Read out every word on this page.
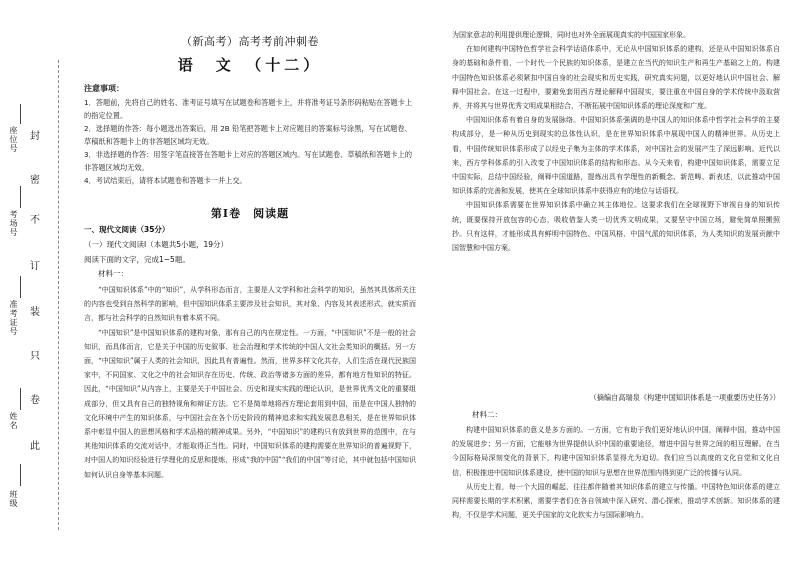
封
密
不
订
装
只
卷
此
座位号
考场号
准考证号
姓名
班级
（新高考）高考考前冲刺卷
语　文　（十二）
注意事项：
1．答题前，先将自己的姓名、准考证号填写在试题卷和答题卡上，并将准考证号条形码粘贴在答题卡上的指定位置。
2．选择题的作答：每小题选出答案后，用 2B 铅笔把答题卡上对应题目的答案标号涂黑，写在试题卷、草稿纸和答题卡上的非答题区域均无效。
3．非选择题的作答：用签字笔直接答在答题卡上对应的答题区域内。写在试题卷、草稿纸和答题卡上的非答题区域均无效。
4．考试结束后，请将本试题卷和答题卡一并上交。
第Ⅰ卷　阅读题
一、现代文阅读（35分）
（一）现代文阅读Ⅰ（本题共5小题，19分）
阅读下面的文字，完成1~5题。
材料一：

“中国知识体系”中的“知识”，从学科形态而言，主要是人文学科和社会科学的知识，虽然其具体所关注的内容也受到自然科学的影响，但中国知识体系主要涉及社会知识，其对象、内容及其表述形式，就实质而言，都与社会科学的自然知识有着本质不同。

“中国知识”是中国知识体系的建构对象，那有自己的内在规定性。一方面，“中国知识”不是一般的社会知识，而具体而言，它是关于中国的历史叙事、社会治理和学术传统的中国人文社会类知识的概括。另一方面，“中国知识”属于人类的社会知识，因此具有普遍性。然而，世界多样文化共存，人们生活在现代民族国家中，不同国家、文化之中的社会知识存在历史、传统、政治等诸多方面的差异，都有地方性知识的特征。因此，“中国知识”从内容上，主要是关于中国社会、历史和现实实践的理论认识，是世界优秀文化的重要组成部分，但又具有自己的独特视角和辩证方法。它不是简单地将西方理论套用到中国，而是在中国人独特的文化环境中产生的知识体系，与中国社会在各个历史阶段的精神追求和实践发展息息相关，是在世界知识体系中彰显中国人的思想风格和学术品格的精神成果。另外，“中国知识”的建构只有放到世界的范围中，在与其他知识体系的交流对话中，才能取得正当性。同时，中国知识体系的建构需要在世界知识的普遍视野下，对中国人的知识经验进行学理化的反思和提炼，形成“我的中国”“我们的中国”等讨论，其中就包括中国知识如何认识自身等基本问题。

为国家意志的利用提供理论逻辑，同时也对外全面展现真实的中国国家形象。

在如何建构中国特色哲学社会科学话语体系中，无论从中国知识体系的建构，还是从中国知识体系自身的基础和条件看，一个时代一个民族的知识体系，是建立在当代的知识生产和再生产基础之上的。构建中国特色知识体系必须紧扣中国自身的社会现实和历史实践，研究真实问题，以更好地认识中国社会、解释中国社会。在这一过程中，要避免套用西方理论解释中国现实，要注重在中国自身的学术传统中汲取营养，并将其与世界优秀文明成果相结合，不断拓展中国知识体系的理论深度和广度。

中国知识体系有着自身的发展脉络。中国知识体系强调的是中国人的知识体系中哲学社会科学的主要构成部分，是一种从历史到现实的总体性认识，是在世界知识体系中展现中国人的精神世界。从历史上看，中国传统知识体系形成了以经史子集为主体的学术体系，对中国社会的发展产生了深远影响。近代以来，西方学科体系的引入改变了中国知识体系的结构和形态。从今天来看，构建中国知识体系，需要立足中国实际，总结中国经验，阐释中国道路，提炼出具有学理性的新概念、新范畴、新表述，以此推动中国知识体系的完善和发展，使其在全球知识体系中获得应有的地位与话语权。

中国知识体系需要在世界知识体系中确立其主体地位。这要求我们在全球视野下审视自身的知识传统，既要保持开放包容的心态，吸收借鉴人类一切优秀文明成果，又要坚守中国立场，避免简单照搬照抄。只有这样，才能形成具有鲜明中国特色、中国风格、中国气派的知识体系，为人类知识的发展贡献中国智慧和中国方案。

（摘编自高瑞泉《构建中国知识体系是一项重要历史任务》）
材料二：

构建中国知识体系的意义是多方面的。一方面，它有助于我们更好地认识中国，阐释中国，推动中国的发展进步；另一方面，它能够为世界提供认识中国的重要途径，增进中国与世界之间的相互理解。在当今国际格局深刻变化的背景下，构建中国知识体系显得尤为迫切。我们应当以高度的文化自觉和文化自信，积极推进中国知识体系建设，使中国的知识与思想在世界范围内得到更广泛的传播与认同。

从历史上看，每一个大国的崛起，往往都伴随着其知识体系的建立与传播。中国特色知识体系的建立同样需要长期的学术积累，需要学者们在各自领域中深入研究、潜心探索，推动学术创新。知识体系的建构，不仅是学术问题，更关乎国家的文化软实力与国际影响力。
